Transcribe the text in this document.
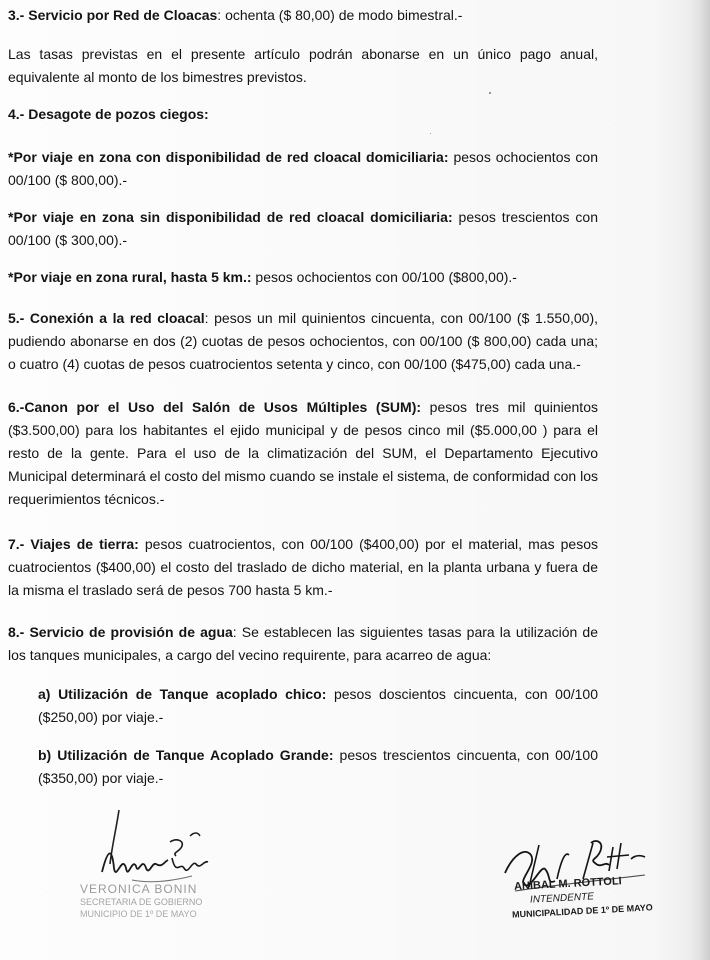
3.- Servicio por Red de Cloacas: ochenta ($ 80,00) de modo bimestral.-
Las tasas previstas en el presente artículo podrán abonarse en un único pago anual, equivalente al monto de los bimestres previstos.
4.- Desagote de pozos ciegos:
*Por viaje en zona con disponibilidad de red cloacal domiciliaria: pesos ochocientos con 00/100 ($ 800,00).-
*Por viaje en zona sin disponibilidad de red cloacal domiciliaria: pesos trescientos con 00/100 ($ 300,00).-
*Por viaje en zona rural, hasta 5 km.: pesos ochocientos con 00/100 ($800,00).-
5.- Conexión a la red cloacal: pesos un mil quinientos cincuenta, con 00/100 ($ 1.550,00), pudiendo abonarse en dos (2) cuotas de pesos ochocientos, con 00/100 ($ 800,00) cada una; o cuatro (4) cuotas de pesos cuatrocientos setenta y cinco, con 00/100 ($475,00) cada una.-
6.-Canon por el Uso del Salón de Usos Múltiples (SUM): pesos tres mil quinientos ($3.500,00) para los habitantes el ejido municipal y de pesos cinco mil ($5.000,00 ) para el resto de la gente. Para el uso de la climatización del SUM, el Departamento Ejecutivo Municipal determinará el costo del mismo cuando se instale el sistema, de conformidad con los requerimientos técnicos.-
7.- Viajes de tierra: pesos cuatrocientos, con 00/100 ($400,00) por el material, mas pesos cuatrocientos ($400,00) el costo del traslado de dicho material, en la planta urbana y fuera de la misma el traslado será de pesos 700 hasta 5 km.-
8.- Servicio de provisión de agua: Se establecen las siguientes tasas para la utilización de los tanques municipales, a cargo del vecino requirente, para acarreo de agua:
a) Utilización de Tanque acoplado chico: pesos doscientos cincuenta, con 00/100 ($250,00) por viaje.-
b) Utilización de Tanque Acoplado Grande: pesos trescientos cincuenta, con 00/100 ($350,00) por viaje.-
VERONICA BONIN
SECRETARIA DE GOBIERNO
MUNICIPIO DE 1º DE MAYO
ANIBAL M. ROTTOLI
INTENDENTE
MUNICIPALIDAD DE 1º DE MAYO
